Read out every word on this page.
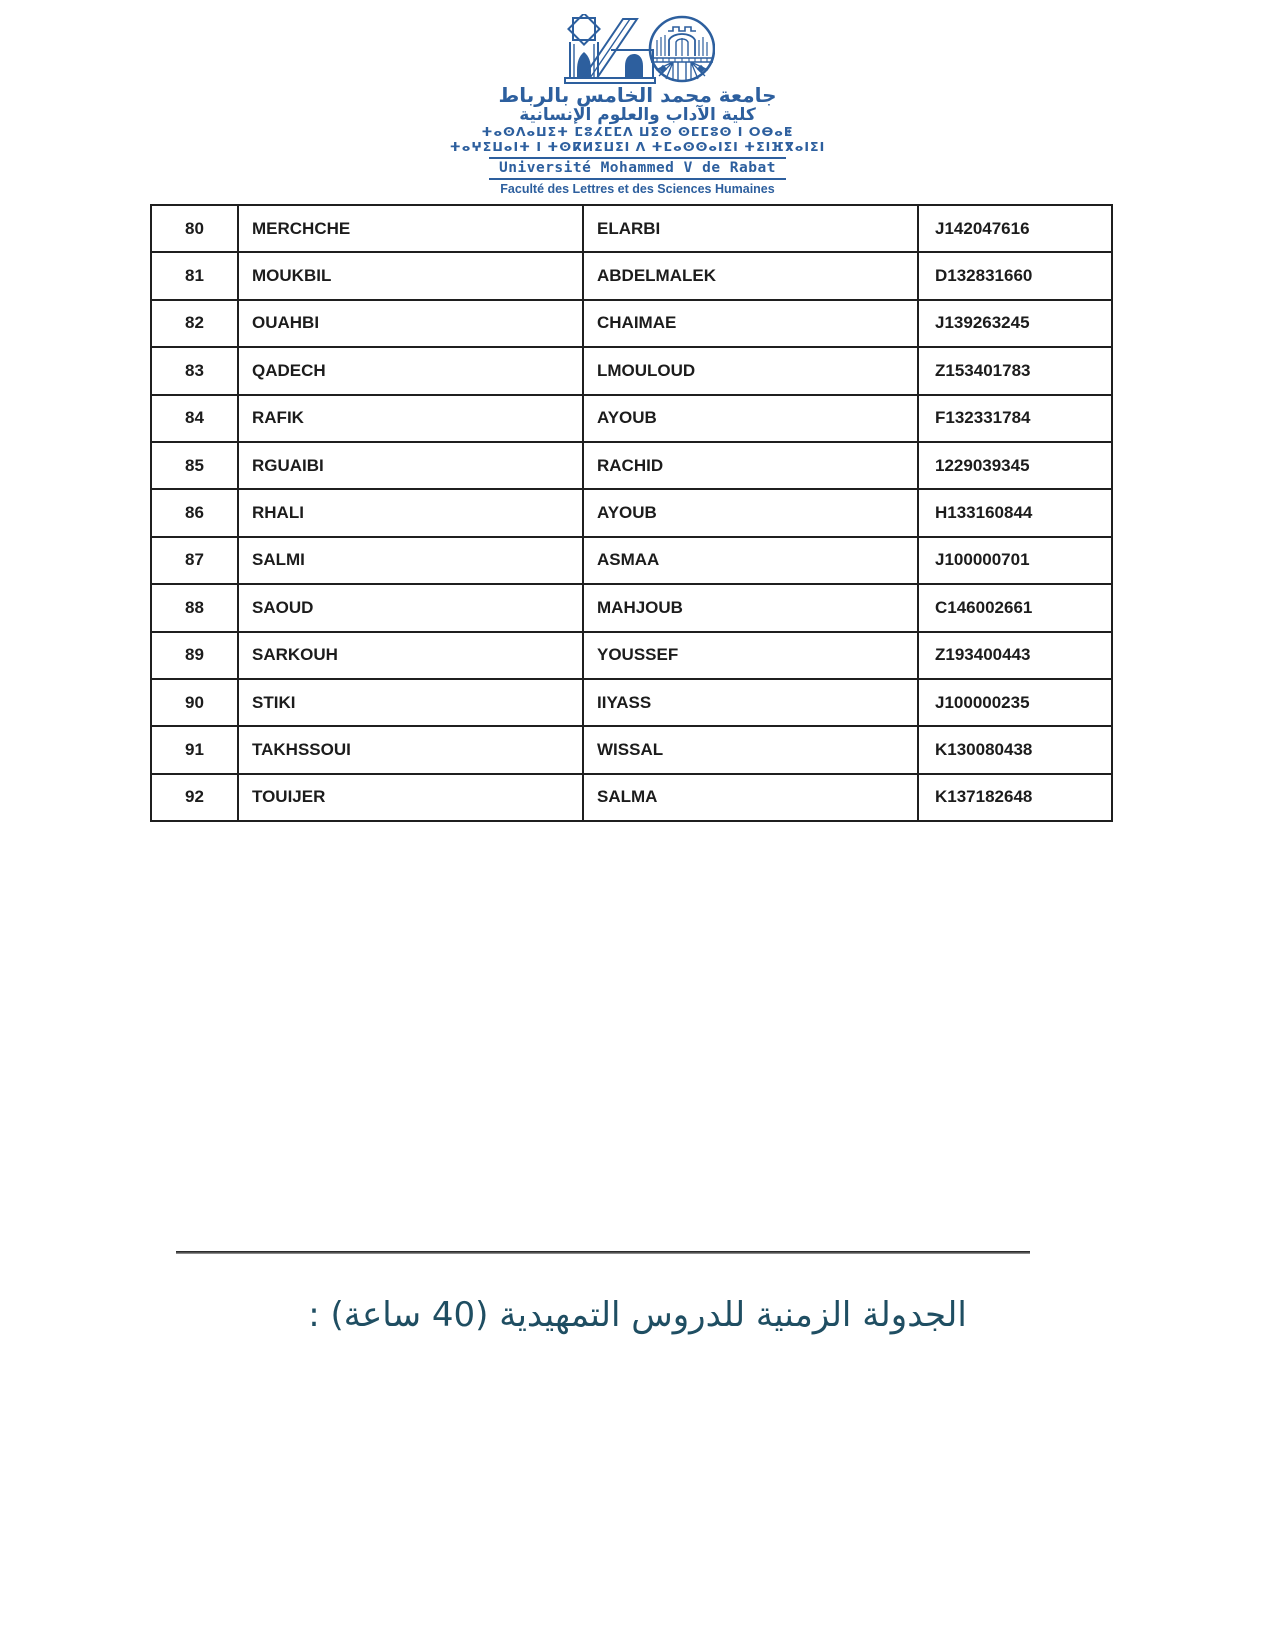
جامعة محمد الخامس بالرباط
كلية الآداب والعلوم الإنسانية
ⵜⴰⵙⴷⴰⵡⵉⵜ ⵎⵓⵃⵎⵎⴷ ⵡⵉⵙ ⵙⵎⵎⵓⵙ ⵏ ⵔⴱⴰⵟ
ⵜⴰⵖⵉⵡⴰⵏⵜ ⵏ ⵜⵙⴽⵍⵉⵡⵉⵏ ⴷ ⵜⵎⴰⵙⵙⴰⵏⵉⵏ ⵜⵉⵏⴼⴳⴰⵏⵉⵏ
Université Mohammed V de Rabat
Faculté des Lettres et des Sciences Humaines
80	MERCHCHE	ELARBI	J142047616
81	MOUKBIL	ABDELMALEK	D132831660
82	OUAHBI	CHAIMAE	J139263245
83	QADECH	LMOULOUD	Z153401783
84	RAFIK	AYOUB	F132331784
85	RGUAIBI	RACHID	1229039345
86	RHALI	AYOUB	H133160844
87	SALMI	ASMAA	J100000701
88	SAOUD	MAHJOUB	C146002661
89	SARKOUH	YOUSSEF	Z193400443
90	STIKI	IIYASS	J100000235
91	TAKHSSOUI	WISSAL	K130080438
92	TOUIJER	SALMA	K137182648
الجدولة الزمنية للدروس التمهيدية (40 ساعة) :
